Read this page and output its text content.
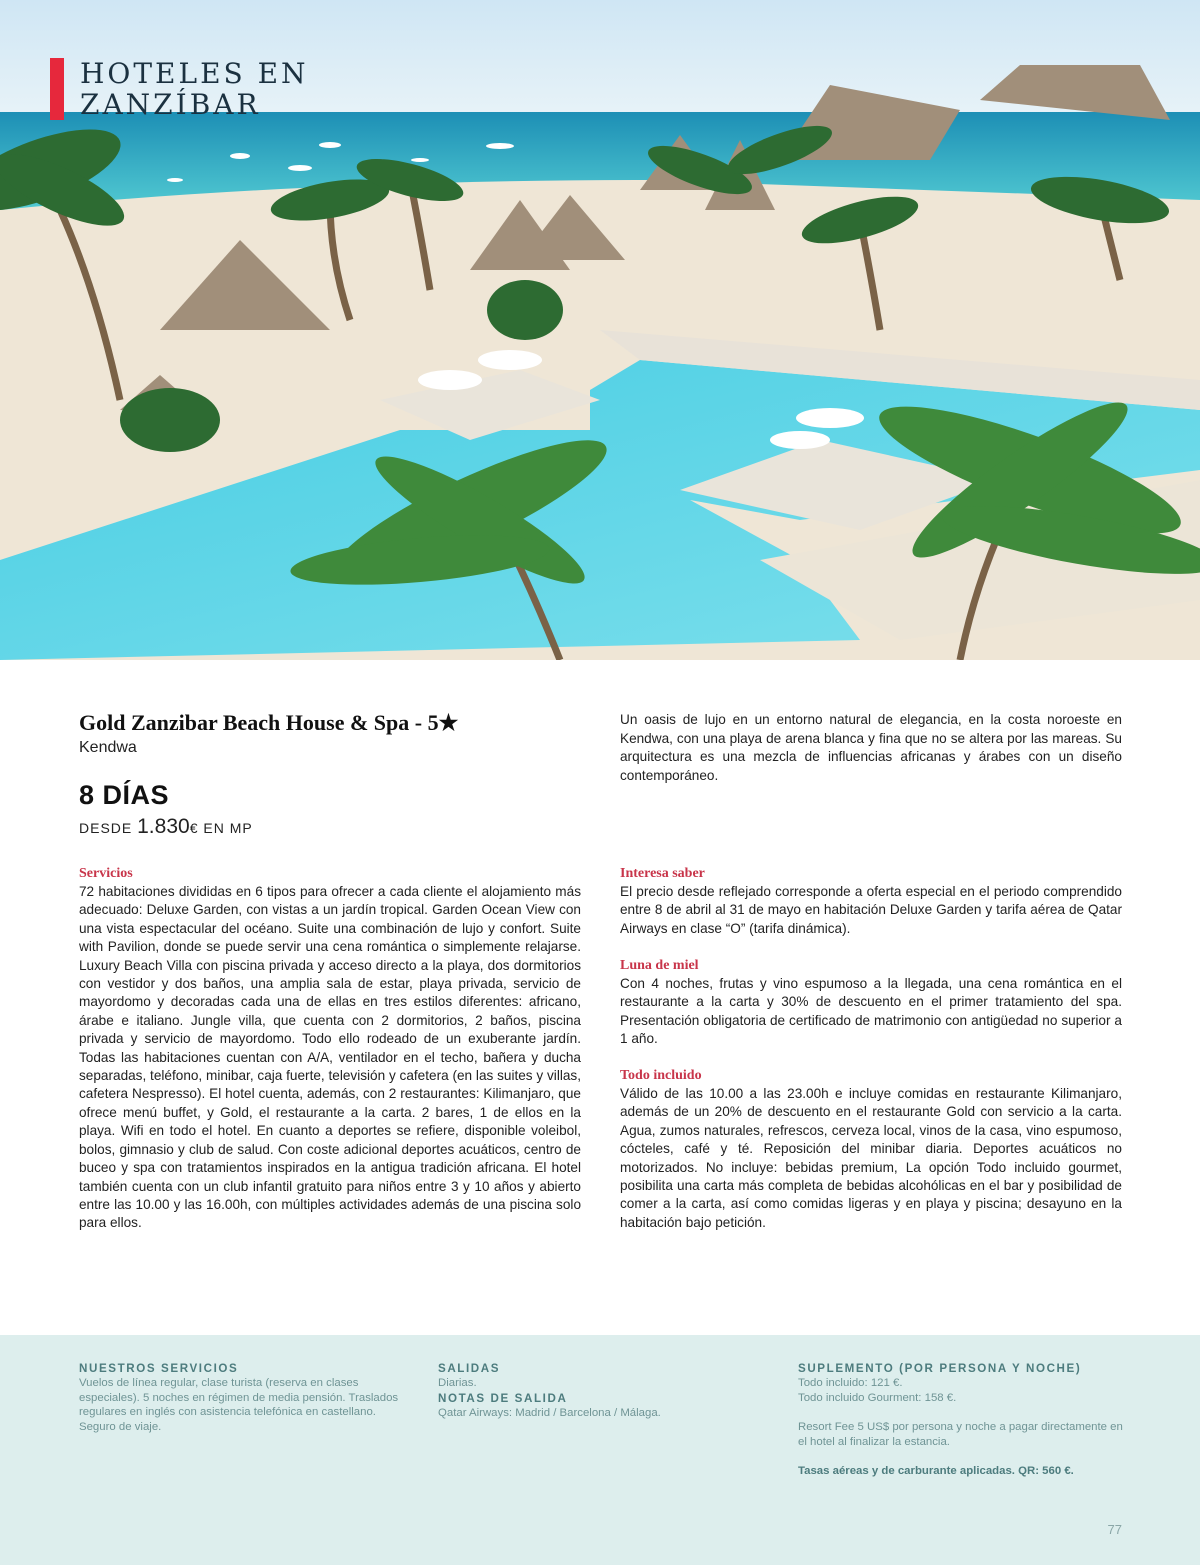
HOTELES EN
ZANZÍBAR
Gold Zanzibar Beach House & Spa - 5★
Kendwa
8 DÍAS
DESDE 1.830€ EN MP
Un oasis de lujo en un entorno natural de elegancia, en la costa noroeste en Kendwa, con una playa de arena blanca y fina que no se altera por las mareas. Su arquitectura es una mezcla de influencias africanas y árabes con un diseño contemporáneo.
Servicios
72 habitaciones divididas en 6 tipos para ofrecer a cada cliente el alojamiento más adecuado: Deluxe Garden, con vistas a un jardín tropical. Garden Ocean View con una vista espectacular del océano. Suite una combinación de lujo y confort. Suite with Pavilion, donde se puede servir una cena romántica o simplemente relajarse. Luxury Beach Villa con piscina privada y acceso directo a la playa, dos dormitorios con vestidor y dos baños, una amplia sala de estar, playa privada, servicio de mayordomo y decoradas cada una de ellas en tres estilos diferentes: africano, árabe e italiano. Jungle villa, que cuenta con 2 dormitorios, 2 baños, piscina privada y servicio de mayordomo. Todo ello rodeado de un exuberante jardín. Todas las habitaciones cuentan con A/A, ventilador en el techo, bañera y ducha separadas, teléfono, minibar, caja fuerte, televisión y cafetera (en las suites y villas, cafetera Nespresso). El hotel cuenta, además, con 2 restaurantes: Kilimanjaro, que ofrece menú buffet, y Gold, el restaurante a la carta. 2 bares, 1 de ellos en la playa. Wifi en todo el hotel. En cuanto a deportes se refiere, disponible voleibol, bolos, gimnasio y club de salud. Con coste adicional deportes acuáticos, centro de buceo y spa con tratamientos inspirados en la antigua tradición africana. El hotel también cuenta con un club infantil gratuito para niños entre 3 y 10 años y abierto entre las 10.00 y las 16.00h, con múltiples actividades además de una piscina solo para ellos.
Interesa saber
El precio desde reflejado corresponde a oferta especial en el periodo comprendido entre 8 de abril al 31 de mayo en habitación Deluxe Garden y tarifa aérea de Qatar Airways en clase “O” (tarifa dinámica).
Luna de miel
Con 4 noches, frutas y vino espumoso a la llegada, una cena romántica en el restaurante a la carta y 30% de descuento en el primer tratamiento del spa. Presentación obligatoria de certificado de matrimonio con antigüedad no superior a 1 año.
Todo incluido
Válido de las 10.00 a las 23.00h e incluye comidas en restaurante Kilimanjaro, además de un 20% de descuento en el restaurante Gold con servicio a la carta. Agua, zumos naturales, refrescos, cerveza local, vinos de la casa, vino espumoso, cócteles, café y té. Reposición del minibar diaria. Deportes acuáticos no motorizados. No incluye: bebidas premium, La opción Todo incluido gourmet, posibilita una carta más completa de bebidas alcohólicas en el bar y posibilidad de comer a la carta, así como comidas ligeras y en playa y piscina; desayuno en la habitación bajo petición.
NUESTROS SERVICIOS
Vuelos de línea regular, clase turista (reserva en clases especiales). 5 noches en régimen de media pensión. Traslados regulares en inglés con asistencia telefónica en castellano. Seguro de viaje.
SALIDAS
Diarias.
NOTAS DE SALIDA
Qatar Airways: Madrid / Barcelona / Málaga.
SUPLEMENTO (POR PERSONA Y NOCHE)
Todo incluido: 121 €.
Todo incluido Gourment: 158 €.
Resort Fee 5 US$ por persona y noche a pagar directamente en el hotel al finalizar la estancia.
Tasas aéreas y de carburante aplicadas. QR: 560 €.
77
